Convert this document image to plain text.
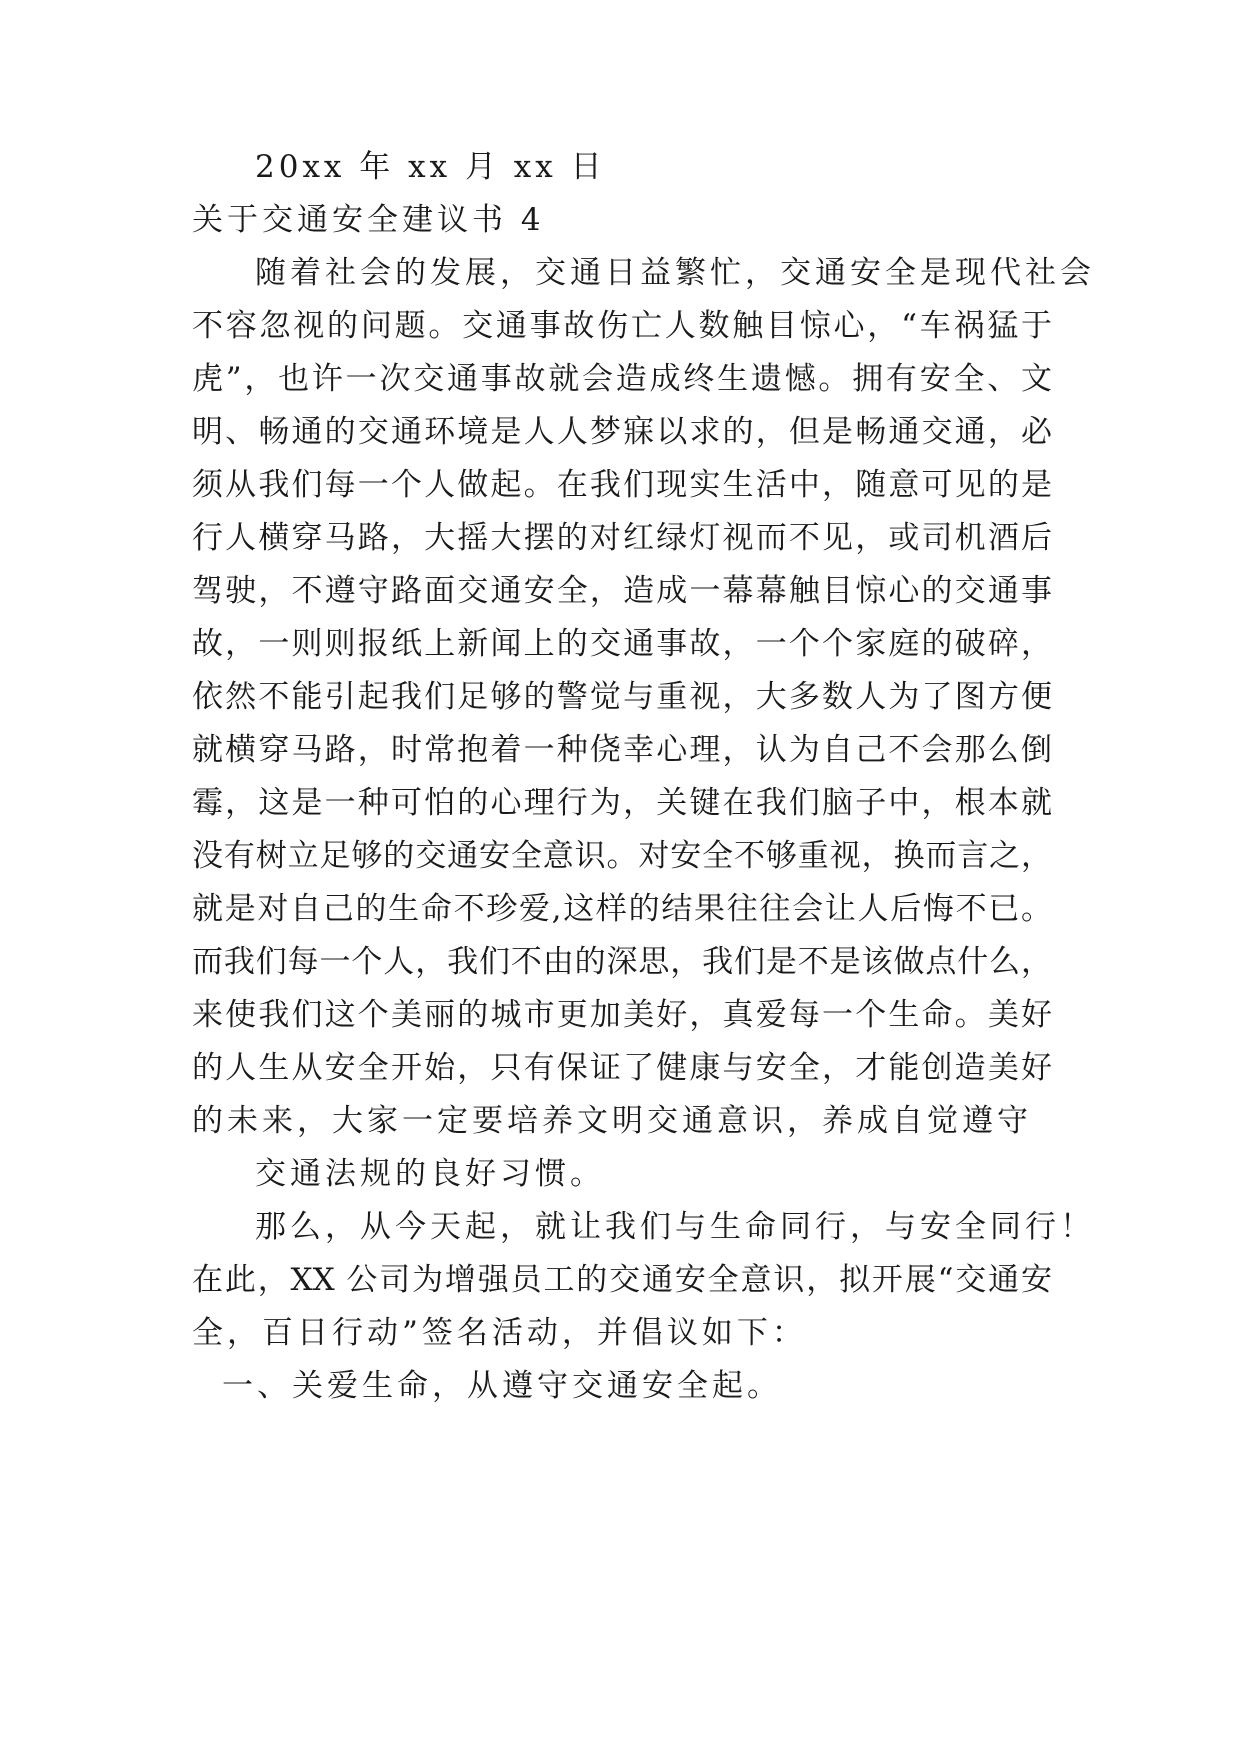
20xx 年 xx 月 xx 日
关于交通安全建议书 4
随着社会的发展，交通日益繁忙，交通安全是现代社会
不容忽视的问题。交通事故伤亡人数触目惊心，“车祸猛于
虎”，也许一次交通事故就会造成终生遗憾。拥有安全、文
明、畅通的交通环境是人人梦寐以求的，但是畅通交通，必
须从我们每一个人做起。在我们现实生活中，随意可见的是
行人横穿马路，大摇大摆的对红绿灯视而不见，或司机酒后
驾驶，不遵守路面交通安全，造成一幕幕触目惊心的交通事
故，一则则报纸上新闻上的交通事故，一个个家庭的破碎，
依然不能引起我们足够的警觉与重视，大多数人为了图方便
就横穿马路，时常抱着一种侥幸心理，认为自己不会那么倒
霉，这是一种可怕的心理行为，关键在我们脑子中，根本就
没有树立足够的交通安全意识。对安全不够重视，换而言之，
就是对自己的生命不珍爱,这样的结果往往会让人后悔不已。
而我们每一个人，我们不由的深思，我们是不是该做点什么，
来使我们这个美丽的城市更加美好，真爱每一个生命。美好
的人生从安全开始，只有保证了健康与安全，才能创造美好
的未来，大家一定要培养文明交通意识，养成自觉遵守
交通法规的良好习惯。
那么，从今天起，就让我们与生命同行，与安全同行！
在此，XX 公司为增强员工的交通安全意识，拟开展“交通安
全，百日行动”签名活动，并倡议如下：
一、关爱生命，从遵守交通安全起。
